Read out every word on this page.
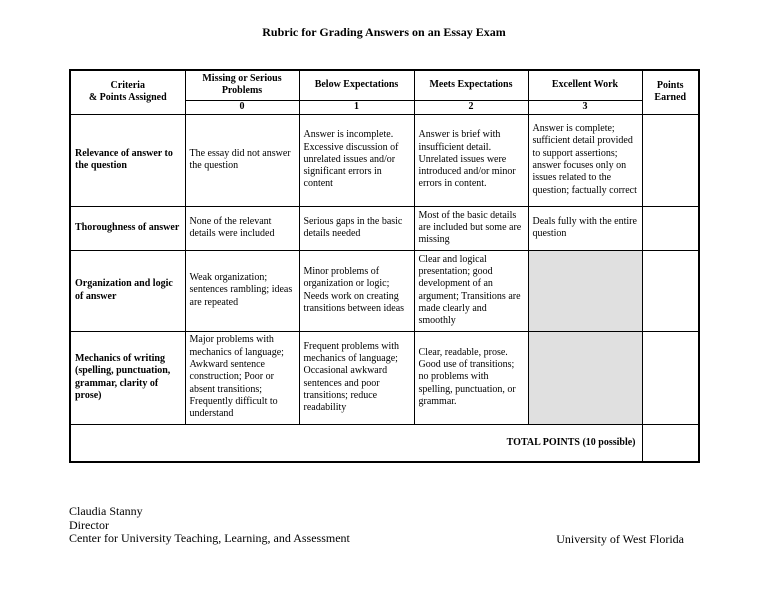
Rubric for Grading Answers on an Essay Exam
Criteria
& Points Assigned	Missing or Serious Problems	Below Expectations	Meets Expectations	Excellent Work	Points Earned
	0	1	2	3	
Relevance of answer to the question	The essay did not answer the question	Answer is incomplete. Excessive discussion of unrelated issues and/or significant errors in content	Answer is brief with insufficient detail. Unrelated issues were introduced and/or minor errors in content.	Answer is complete; sufficient detail provided to support assertions; answer focuses only on issues related to the question; factually correct	
Thoroughness of answer	None of the relevant details were included	Serious gaps in the basic details needed	Most of the basic details are included but some are missing	Deals fully with the entire question	
Organization and logic of answer	Weak organization; sentences rambling; ideas are repeated	Minor problems of organization or logic; Needs work on creating transitions between ideas	Clear and logical presentation; good development of an argument; Transitions are made clearly and smoothly		
Mechanics of writing (spelling, punctuation, grammar, clarity of prose)	Major problems with mechanics of language; Awkward sentence construction; Poor or absent transitions; Frequently difficult to understand	Frequent problems with mechanics of language; Occasional awkward sentences and poor transitions; reduce readability	Clear, readable, prose. Good use of transitions; no problems with spelling, punctuation, or grammar.		
TOTAL POINTS (10 possible)					
Claudia Stanny
Director
Center for University Teaching, Learning, and Assessment	University of West Florida
